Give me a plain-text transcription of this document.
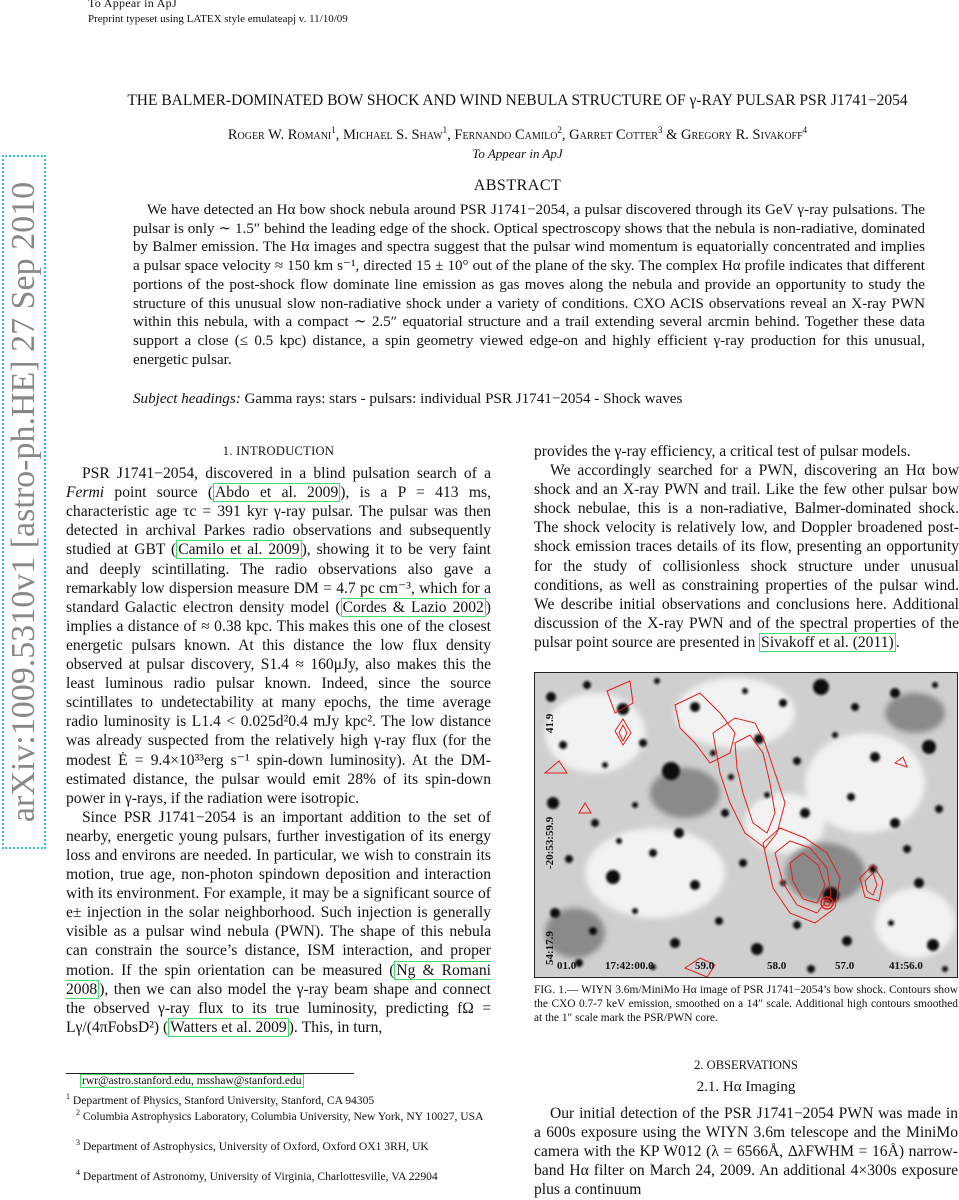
To Appear in ApJ
Preprint typeset using LATEX style emulateapj v. 11/10/09
arXiv:1009.5310v1 [astro-ph.HE] 27 Sep 2010
THE BALMER-DOMINATED BOW SHOCK AND WIND NEBULA STRUCTURE OF γ-RAY PULSAR PSR J1741−2054
Roger W. Romani$^1$, Michael S. Shaw$^1$, Fernando Camilo$^2$, Garret Cotter$^3$ & Gregory R. Sivakoff$^4$
To Appear in ApJ
ABSTRACT

We have detected an Hα bow shock nebula around PSR J1741−2054, a pulsar discovered through its GeV γ-ray pulsations. The pulsar is only ∼ 1.5″ behind the leading edge of the shock. Optical spectroscopy shows that the nebula is non-radiative, dominated by Balmer emission. The Hα images and spectra suggest that the pulsar wind momentum is equatorially concentrated and implies a pulsar space velocity ≈ 150 km s⁻¹, directed 15 ± 10° out of the plane of the sky. The complex Hα profile indicates that different portions of the post-shock flow dominate line emission as gas moves along the nebula and provide an opportunity to study the structure of this unusual slow non-radiative shock under a variety of conditions. CXO ACIS observations reveal an X-ray PWN within this nebula, with a compact ∼ 2.5″ equatorial structure and a trail extending several arcmin behind. Together these data support a close (≤ 0.5 kpc) distance, a spin geometry viewed edge-on and highly efficient γ-ray production for this unusual, energetic pulsar.

Subject headings: Gamma rays: stars - pulsars: individual PSR J1741−2054 - Shock waves

1. INTRODUCTION

PSR J1741−2054, discovered in a blind pulsation search of a Fermi point source ( Abdo et al. 2009 ), is a P = 413 ms, characteristic age τc = 391 kyr γ-ray pulsar. The pulsar was then detected in archival Parkes radio observations and subsequently studied at GBT ( Camilo et al. 2009 ), showing it to be very faint and deeply scintillating. The radio observations also gave a remarkably low dispersion measure DM = 4.7 pc cm⁻³, which for a standard Galactic electron density model ( Cordes & Lazio 2002 ) implies a distance of ≈ 0.38 kpc. This makes this one of the closest energetic pulsars known. At this distance the low flux density observed at pulsar discovery, S1.4 ≈ 160μJy, also makes this the least luminous radio pulsar known. Indeed, since the source scintillates to undetectability at many epochs, the time average radio luminosity is L1.4 < 0.025d²0.4 mJy kpc². The low distance was already suspected from the relatively high γ-ray flux (for the modest Ė = 9.4×10³³erg s⁻¹ spin-down luminosity). At the DM-estimated distance, the pulsar would emit 28% of its spin-down power in γ-rays, if the radiation were isotropic.

Since PSR J1741−2054 is an important addition to the set of nearby, energetic young pulsars, further investigation of its energy loss and environs are needed. In particular, we wish to constrain its motion, true age, non-photon spindown deposition and interaction with its environment. For example, it may be a significant source of e± injection in the solar neighborhood. Such injection is generally visible as a pulsar wind nebula (PWN). The shape of this nebula can constrain the source’s distance, ISM interaction, and proper motion. If the spin orientation can be measured ( Ng & Romani 2008 ), then we can also model the γ-ray beam shape and connect the observed γ-ray flux to its true luminosity, predicting fΩ = Lγ/(4πFobsD²) ( Watters et al. 2009 ). This, in turn,

provides the γ-ray efficiency, a critical test of pulsar models.

We accordingly searched for a PWN, discovering an Hα bow shock and an X-ray PWN and trail. Like the few other pulsar bow shock nebulae, this is a non-radiative, Balmer-dominated shock. The shock velocity is relatively low, and Doppler broadened post-shock emission traces details of its flow, presenting an opportunity for the study of collisionless shock structure under unusual conditions, as well as constraining properties of the pulsar wind. We describe initial observations and conclusions here. Additional discussion of the X-ray PWN and of the spectral properties of the pulsar point source are presented in Sivakoff et al. (2011) .

41.9
-20:53:59.9
54:17.9
01.0	17:42:00.0	59.0	58.0	57.0	41:56.0

FIG. 1.— WIYN 3.6m/MiniMo Hα image of PSR J1741−2054’s bow shock. Contours show the CXO 0.7-7 keV emission, smoothed on a 14″ scale. Additional high contours smoothed at the 1″ scale mark the PSR/PWN core.

2. OBSERVATIONS
2.1. Hα Imaging

Our initial detection of the PSR J1741−2054 PWN was made in a 600s exposure using the WIYN 3.6m telescope and the MiniMo camera with the KP W012 (λ = 6566Å, ΔλFWHM = 16Å) narrow-band Hα filter on March 24, 2009. An additional 4×300s exposure plus a continuum

rwr@astro.stanford.edu, msshaw@stanford.edu

$^1$ Department of Physics, Stanford University, Stanford, CA 94305

$^2$ Columbia Astrophysics Laboratory, Columbia University, New York, NY 10027, USA

$^3$ Department of Astrophysics, University of Oxford, Oxford OX1 3RH, UK

$^4$ Department of Astronomy, University of Virginia, Charlottesville, VA 22904
